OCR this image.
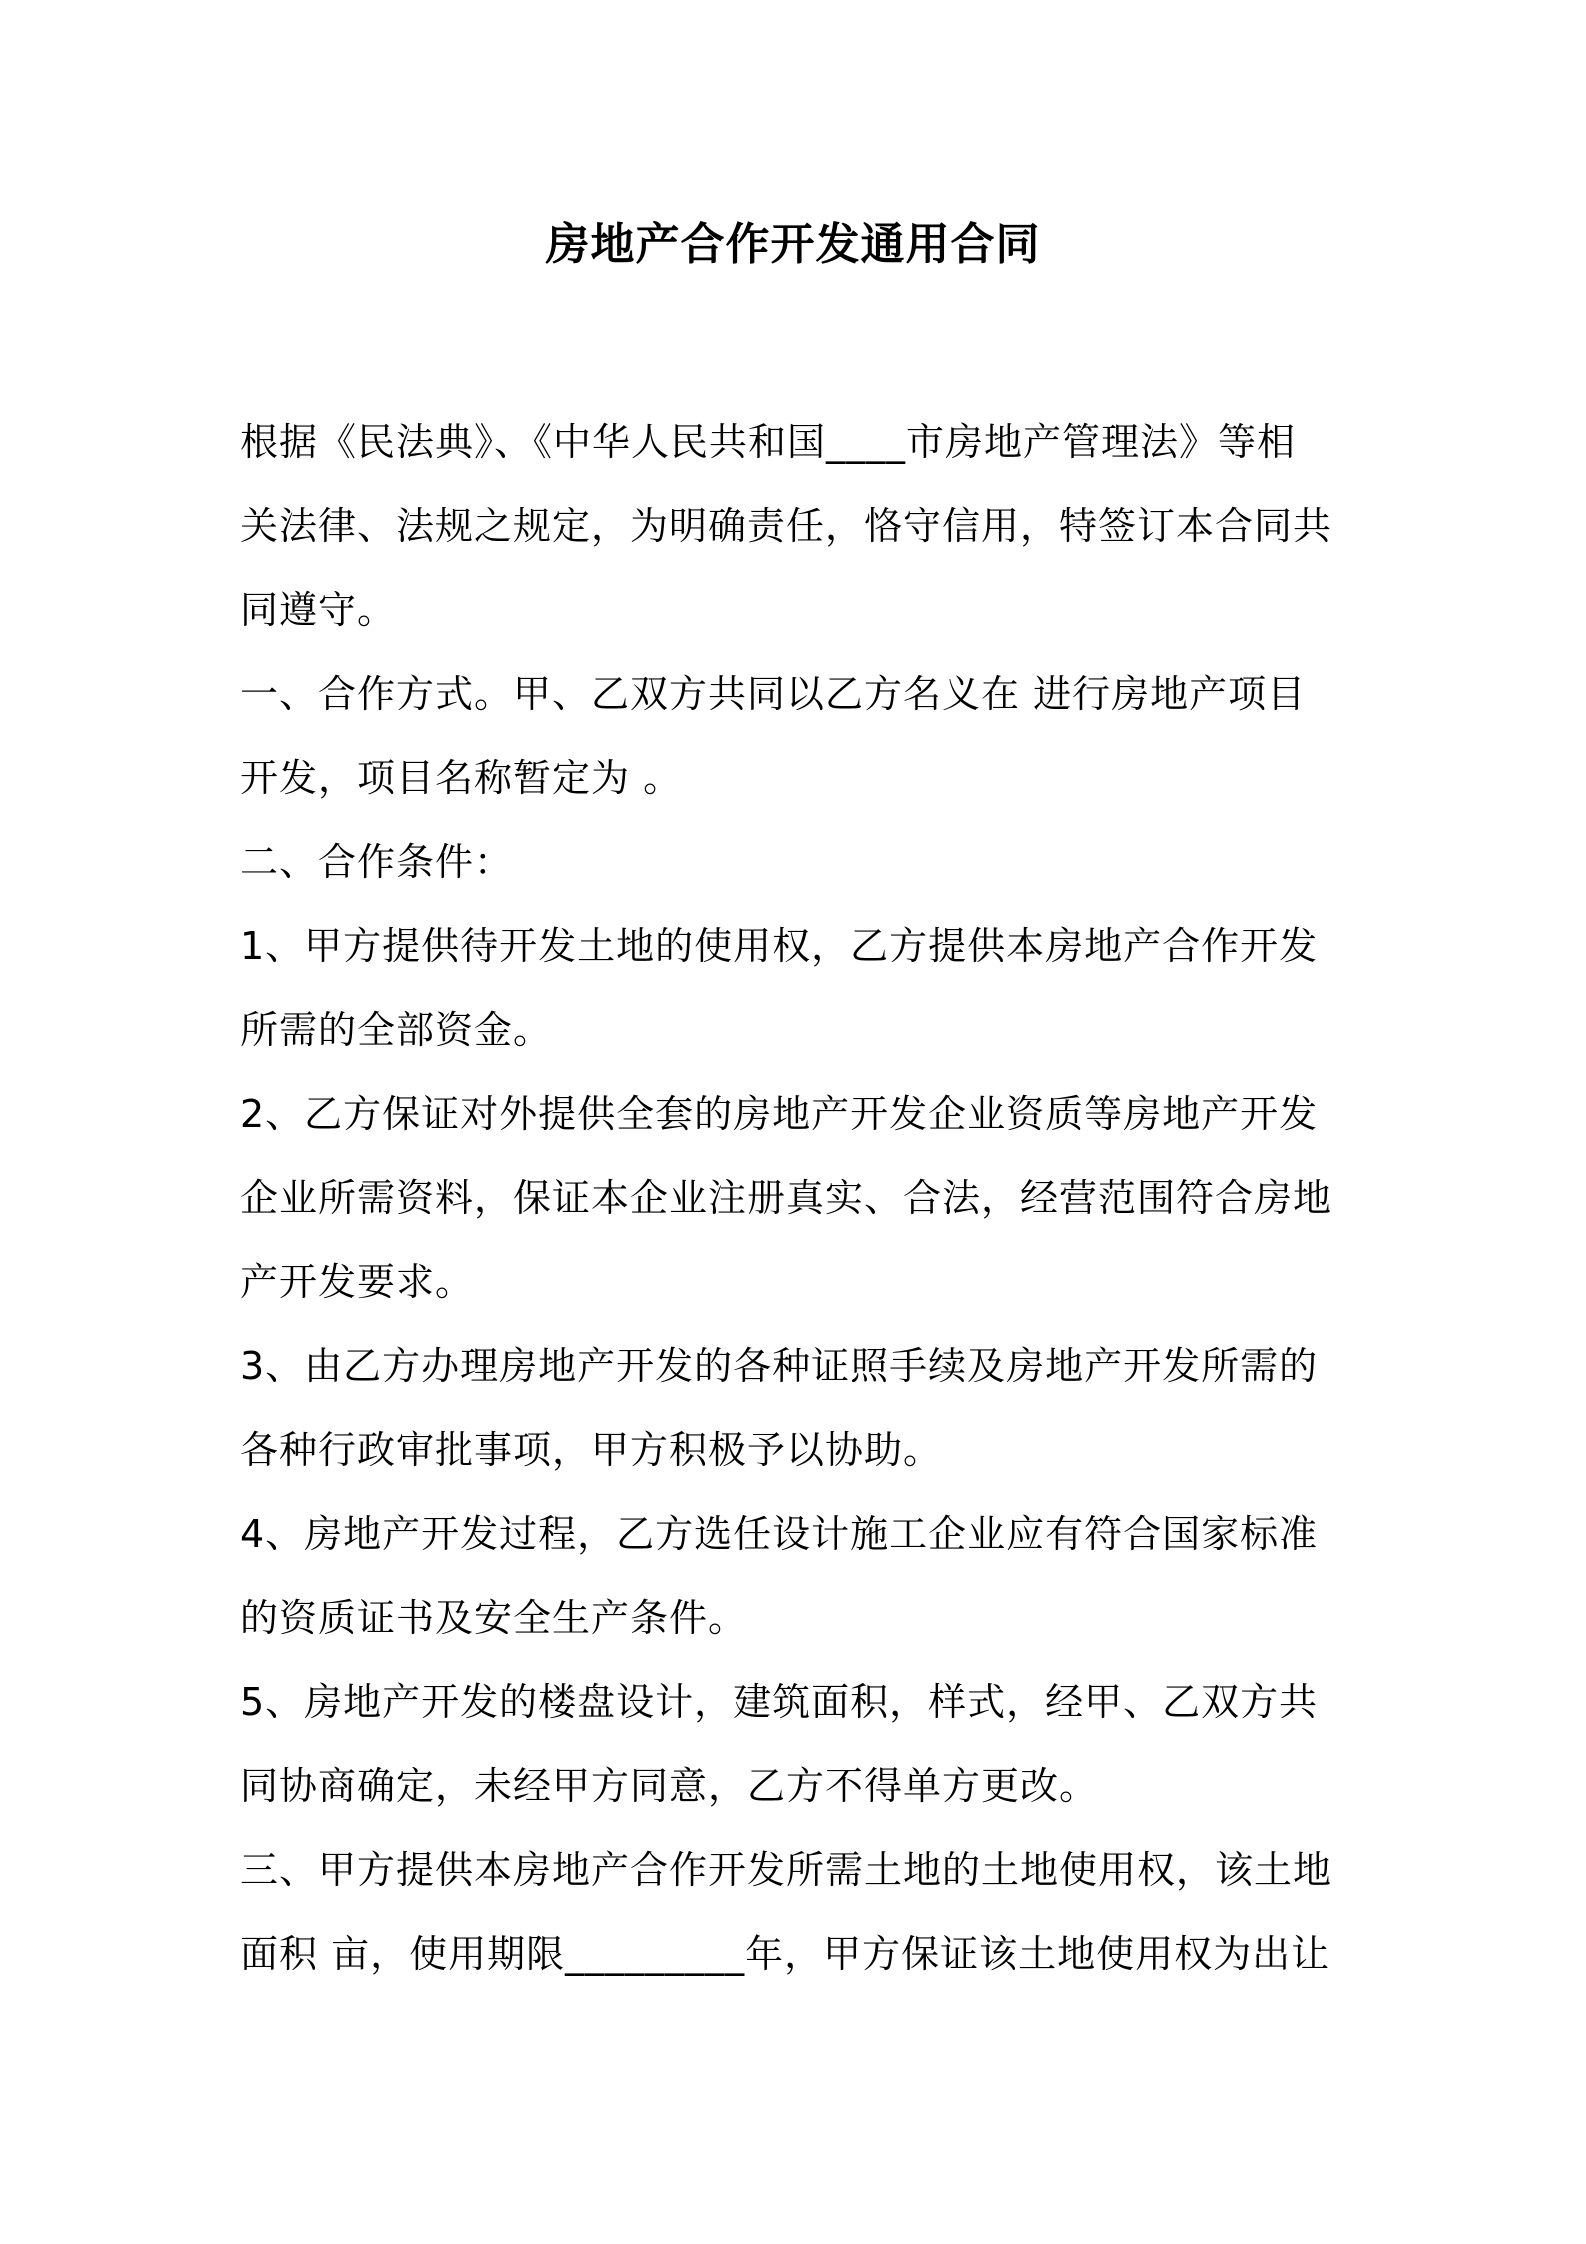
房地产合作开发通用合同

根据《民法典》、《中华人民共和国____市房地产管理法》等相
关法律、法规之规定，为明确责任，恪守信用，特签订本合同共
同遵守。

一、合作方式。甲、乙双方共同以乙方名义在 进行房地产项目
开发，项目名称暂定为 。

二、合作条件：

1、甲方提供待开发土地的使用权，乙方提供本房地产合作开发
所需的全部资金。

2、乙方保证对外提供全套的房地产开发企业资质等房地产开发
企业所需资料，保证本企业注册真实、合法，经营范围符合房地
产开发要求。

3、由乙方办理房地产开发的各种证照手续及房地产开发所需的
各种行政审批事项，甲方积极予以协助。

4、房地产开发过程，乙方选任设计施工企业应有符合国家标准
的资质证书及安全生产条件。

5、房地产开发的楼盘设计，建筑面积，样式，经甲、乙双方共
同协商确定，未经甲方同意，乙方不得单方更改。

三、甲方提供本房地产合作开发所需土地的土地使用权，该土地
面积 亩，使用期限_________年，甲方保证该土地使用权为出让
